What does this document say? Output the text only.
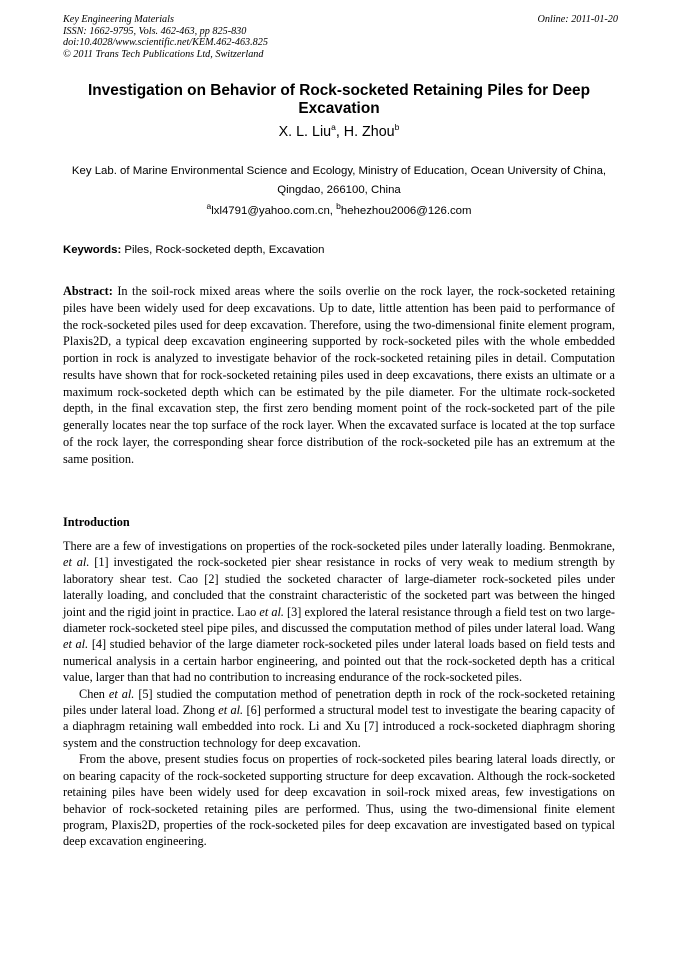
Key Engineering Materials
ISSN: 1662-9795, Vols. 462-463, pp 825-830
doi:10.4028/www.scientific.net/KEM.462-463.825
© 2011 Trans Tech Publications Ltd, Switzerland
Online: 2011-01-20
Investigation on Behavior of Rock-socketed Retaining Piles for Deep Excavation
X. L. Liu$^a$, H. Zhou$^b$
Key Lab. of Marine Environmental Science and Ecology, Ministry of Education, Ocean University of China, Qingdao, 266100, China
$^a$lxl4791@yahoo.com.cn, $^b$hehezhou2006@126.com
Keywords: Piles, Rock-socketed depth, Excavation
Abstract: In the soil-rock mixed areas where the soils overlie on the rock layer, the rock-socketed retaining piles have been widely used for deep excavations. Up to date, little attention has been paid to performance of the rock-socketed piles used for deep excavation. Therefore, using the two-dimensional finite element program, Plaxis2D, a typical deep excavation engineering supported by rock-socketed piles with the whole embedded portion in rock is analyzed to investigate behavior of the rock-socketed retaining piles in detail. Computation results have shown that for rock-socketed retaining piles used in deep excavations, there exists an ultimate or a maximum rock-socketed depth which can be estimated by the pile diameter. For the ultimate rock-socketed depth, in the final excavation step, the first zero bending moment point of the rock-socketed part of the pile generally locates near the top surface of the rock layer. When the excavated surface is located at the top surface of the rock layer, the corresponding shear force distribution of the rock-socketed pile has an extremum at the same position.
Introduction

There are a few of investigations on properties of the rock-socketed piles under laterally loading. Benmokrane, et al. [1] investigated the rock-socketed pier shear resistance in rocks of very weak to medium strength by laboratory shear test. Cao [2] studied the socketed character of large-diameter rock-socketed piles under laterally loading, and concluded that the constraint characteristic of the socketed part was between the hinged joint and the rigid joint in practice. Lao et al. [3] explored the lateral resistance through a field test on two large-diameter rock-socketed steel pipe piles, and discussed the computation method of piles under lateral load. Wang et al. [4] studied behavior of the large diameter rock-socketed piles under lateral loads based on field tests and numerical analysis in a certain harbor engineering, and pointed out that the rock-socketed depth has a critical value, larger than that had no contribution to increasing endurance of the rock-socketed piles.

Chen et al. [5] studied the computation method of penetration depth in rock of the rock-socketed retaining piles under lateral load. Zhong et al. [6] performed a structural model test to investigate the bearing capacity of a diaphragm retaining wall embedded into rock. Li and Xu [7] introduced a rock-socketed diaphragm shoring system and the construction technology for deep excavation.

From the above, present studies focus on properties of rock-socketed piles bearing lateral loads directly, or on bearing capacity of the rock-socketed supporting structure for deep excavation. Although the rock-socketed retaining piles have been widely used for deep excavation in soil-rock mixed areas, few investigations on behavior of rock-socketed retaining piles are performed. Thus, using the two-dimensional finite element program, Plaxis2D, properties of the rock-socketed piles for deep excavation are investigated based on typical deep excavation engineering.
